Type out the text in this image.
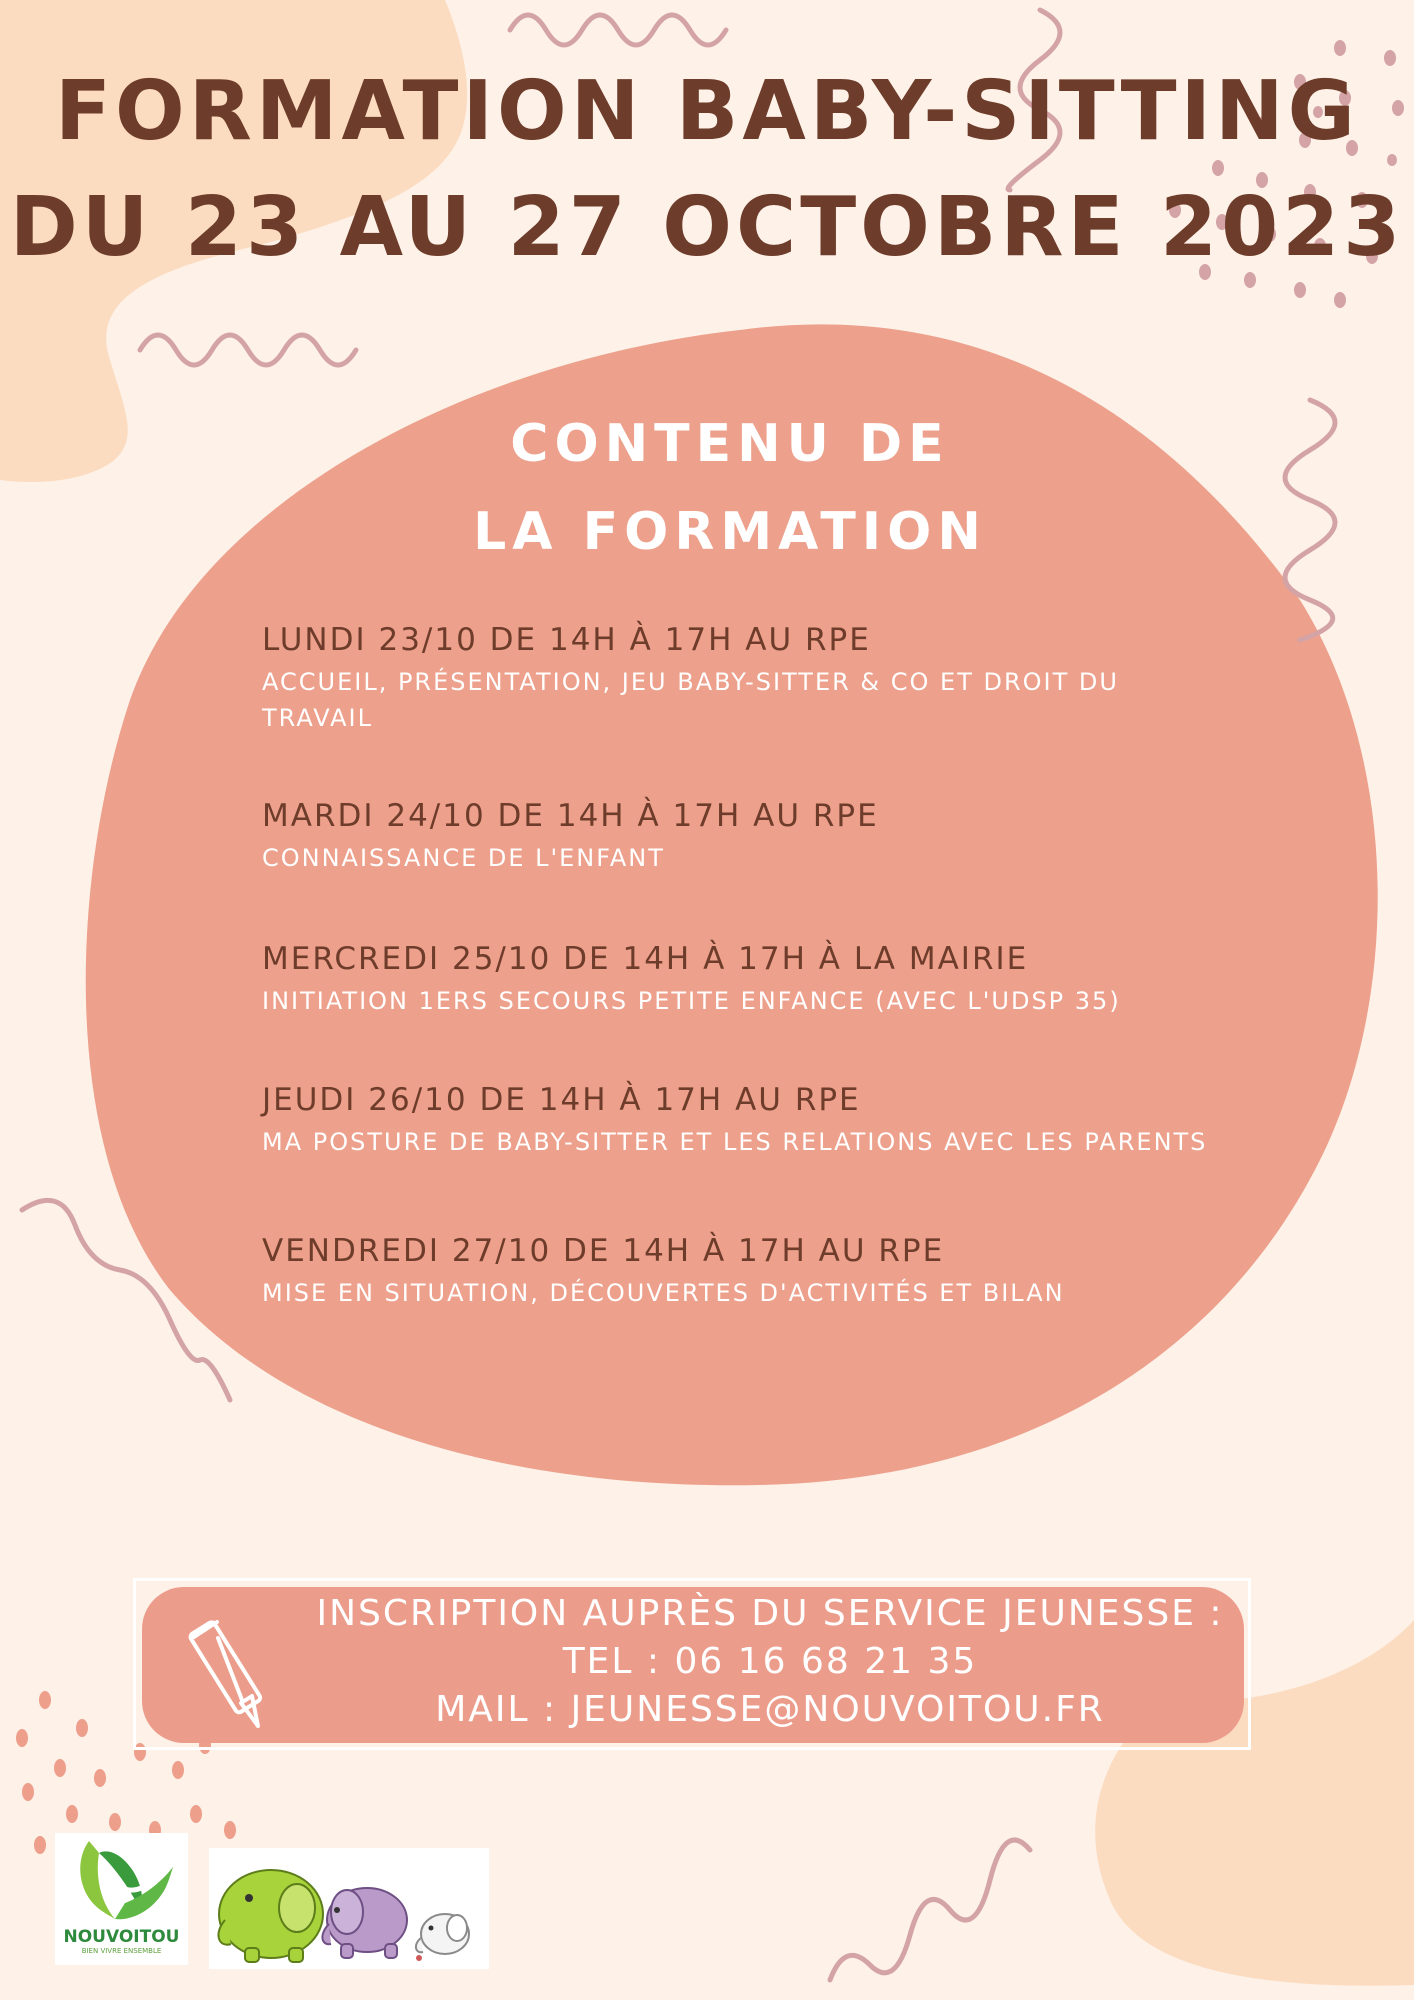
FORMATION BABY-SITTING
DU 23 AU 27 OCTOBRE 2023
CONTENU DE
LA FORMATION
LUNDI 23/10 DE 14H À 17H AU RPE
ACCUEIL, PRÉSENTATION, JEU BABY-SITTER & CO ET DROIT DU TRAVAIL
MARDI 24/10 DE 14H À 17H AU RPE
CONNAISSANCE DE L'ENFANT
MERCREDI 25/10 DE 14H À 17H À LA MAIRIE
INITIATION 1ERS SECOURS PETITE ENFANCE (AVEC L'UDSP 35)
JEUDI 26/10 DE 14H À 17H AU RPE
MA POSTURE DE BABY-SITTER ET LES RELATIONS AVEC LES PARENTS
VENDREDI 27/10 DE 14H À 17H AU RPE
MISE EN SITUATION, DÉCOUVERTES D'ACTIVITÉS ET BILAN

INSCRIPTION AUPRÈS DU SERVICE JEUNESSE :
TEL : 06 16 68 21 35
MAIL : JEUNESSE@NOUVOITOU.FR

NOUVOITOU
BIEN VIVRE ENSEMBLE
